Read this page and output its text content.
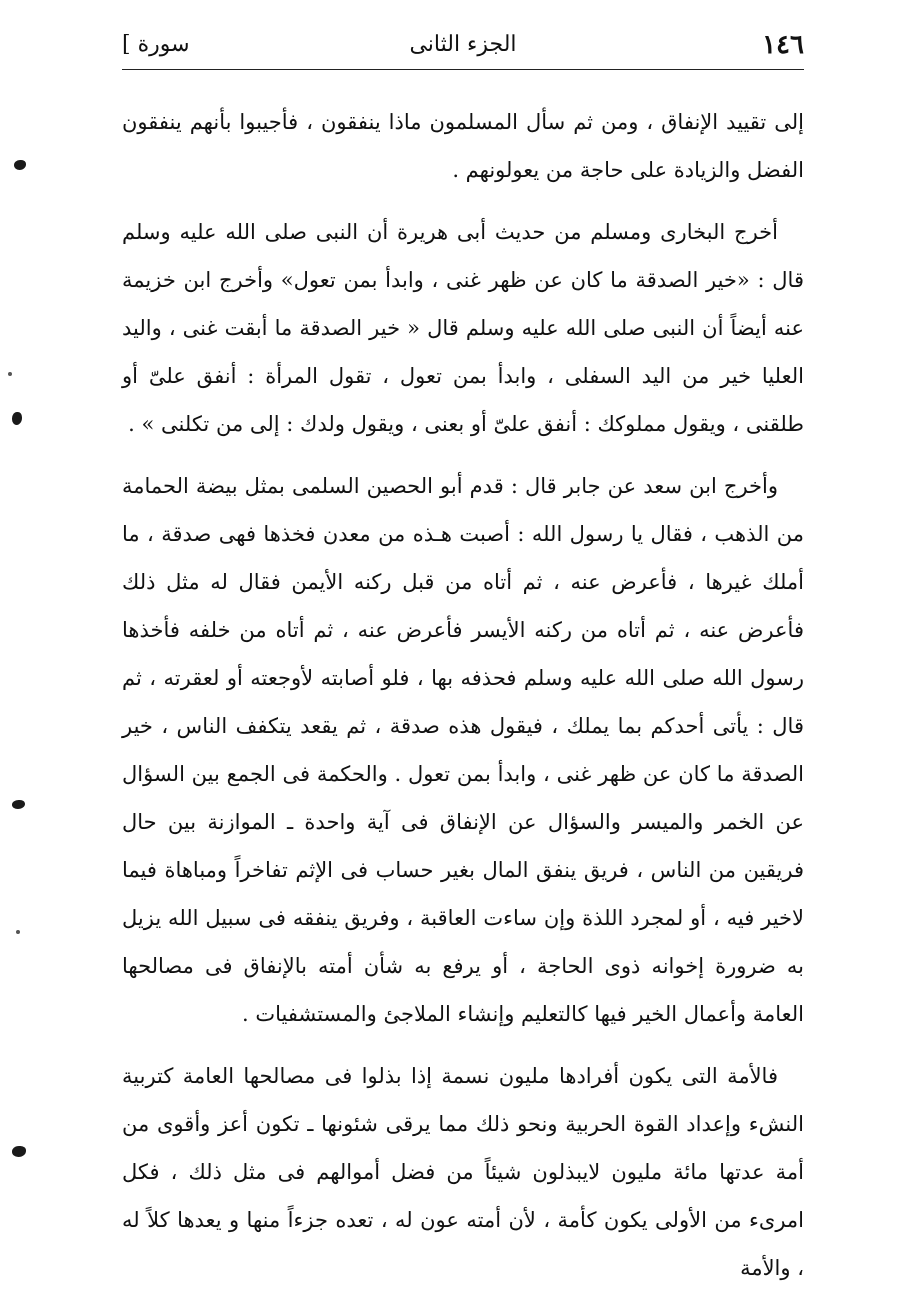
١٤٦
الجزء الثانى
سورة ]

إلى تقييد الإنفاق ، ومن ثم سأل المسلمون ماذا ينفقون ، فأجيبوا بأنهم ينفقون الفضل والزيادة على حاجة من يعولونهم .

أخرج البخارى ومسلم من حديث أبى هريرة أن النبى صلى الله عليه وسلم قال : «خير الصدقة ما كان عن ظهر غنى ، وابدأ بمن تعول» وأخرج ابن خزيمة عنه أيضاً أن النبى صلى الله عليه وسلم قال « خير الصدقة ما أبقت غنى ، واليد العليا خير من اليد السفلى ، وابدأ بمن تعول ، تقول المرأة : أنفق علىّ أو طلقنى ، ويقول مملوكك : أنفق علىّ أو بعنى ، ويقول ولدك : إلى من تكلنى » .

وأخرج ابن سعد عن جابر قال : قدم أبو الحصين السلمى بمثل بيضة الحمامة من الذهب ، فقال يا رسول الله : أصبت هـذه من معدن فخذها فهى صدقة ، ما أملك غيرها ، فأعرض عنه ، ثم أتاه من قبل ركنه الأيمن فقال له مثل ذلك فأعرض عنه ، ثم أتاه من ركنه الأيسر فأعرض عنه ، ثم أتاه من خلفه فأخذها رسول الله صلى الله عليه وسلم فحذفه بها ، فلو أصابته لأوجعته أو لعقرته ، ثم قال : يأتى أحدكم بما يملك ، فيقول هذه صدقة ، ثم يقعد يتكفف الناس ، خير الصدقة ما كان عن ظهر غنى ، وابدأ بمن تعول . والحكمة فى الجمع بين السؤال عن الخمر والميسر والسؤال عن الإنفاق فى آية واحدة ـ الموازنة بين حال فريقين من الناس ، فريق ينفق المال بغير حساب فى الإثم تفاخراً ومباهاة فيما لاخير فيه ، أو لمجرد اللذة وإن ساءت العاقبة ، وفريق ينفقه فى سبيل الله يزيل به ضرورة إخوانه ذوى الحاجة ، أو يرفع به شأن أمته بالإنفاق فى مصالحها العامة وأعمال الخير فيها كالتعليم وإنشاء الملاجئ والمستشفيات .

فالأمة التى يكون أفرادها مليون نسمة إذا بذلوا فى مصالحها العامة كتربية النشء وإعداد القوة الحربية ونحو ذلك مما يرقى شئونها ـ تكون أعز وأقوى من أمة عدتها مائة مليون لايبذلون شيئاً من فضل أموالهم فى مثل ذلك ، فكل امرىء من الأولى يكون كأمة ، لأن أمته عون له ، تعده جزءاً منها و يعدها كلاً له ، والأمة
